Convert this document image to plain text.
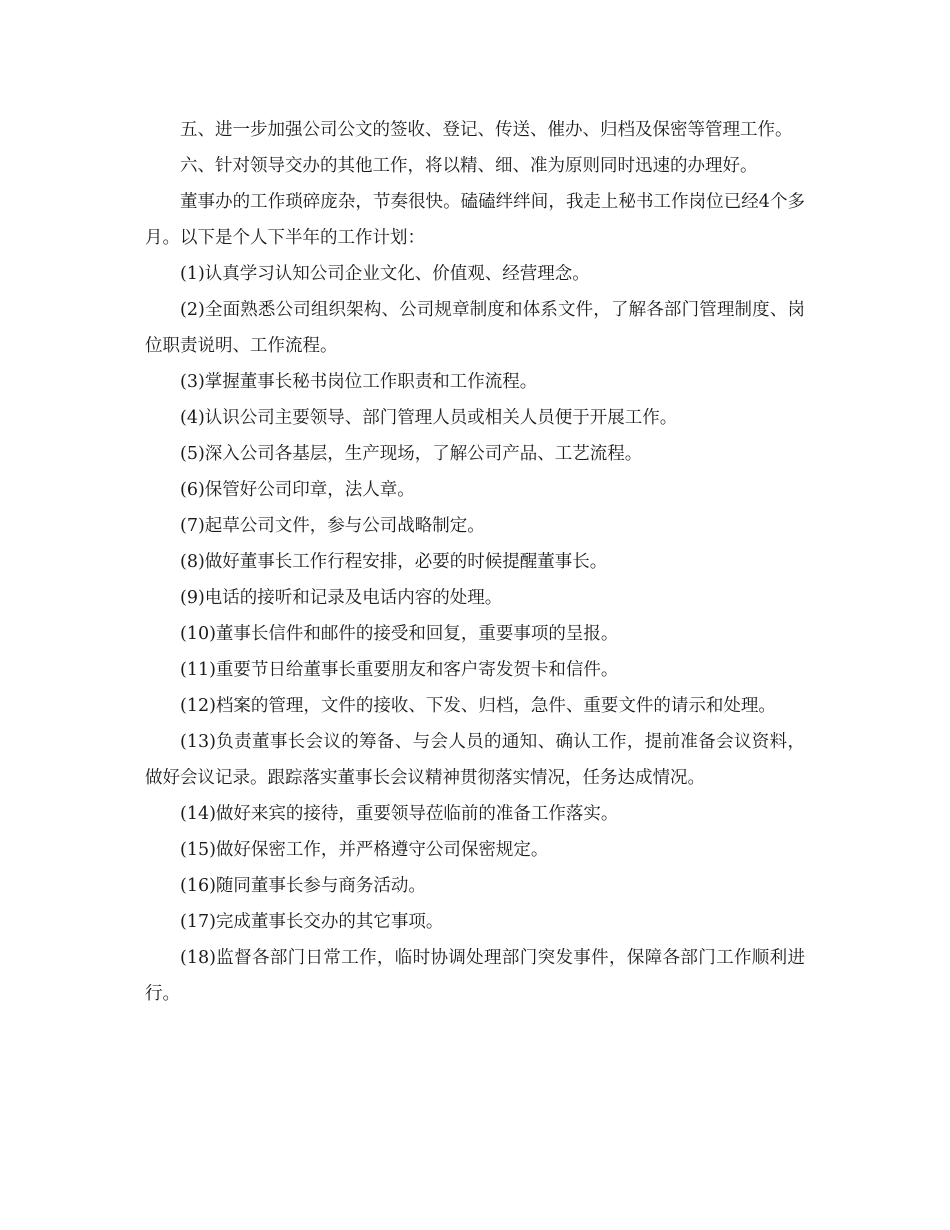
五、进一步加强公司公文的签收、登记、传送、催办、归档及保密等管理工作。

六、针对领导交办的其他工作，将以精、细、准为原则同时迅速的办理好。

董事办的工作琐碎庞杂，节奏很快。磕磕绊绊间，我走上秘书工作岗位已经4个多月。以下是个人下半年的工作计划：

(1)认真学习认知公司企业文化、价值观、经营理念。

(2)全面熟悉公司组织架构、公司规章制度和体系文件，了解各部门管理制度、岗位职责说明、工作流程。

(3)掌握董事长秘书岗位工作职责和工作流程。

(4)认识公司主要领导、部门管理人员或相关人员便于开展工作。

(5)深入公司各基层，生产现场，了解公司产品、工艺流程。

(6)保管好公司印章，法人章。

(7)起草公司文件，参与公司战略制定。

(8)做好董事长工作行程安排，必要的时候提醒董事长。

(9)电话的接听和记录及电话内容的处理。

(10)董事长信件和邮件的接受和回复，重要事项的呈报。

(11)重要节日给董事长重要朋友和客户寄发贺卡和信件。

(12)档案的管理，文件的接收、下发、归档，急件、重要文件的请示和处理。

(13)负责董事长会议的筹备、与会人员的通知、确认工作，提前准备会议资料，做好会议记录。跟踪落实董事长会议精神贯彻落实情况，任务达成情况。

(14)做好来宾的接待，重要领导莅临前的准备工作落实。

(15)做好保密工作，并严格遵守公司保密规定。

(16)随同董事长参与商务活动。

(17)完成董事长交办的其它事项。

(18)监督各部门日常工作，临时协调处理部门突发事件，保障各部门工作顺利进行。
